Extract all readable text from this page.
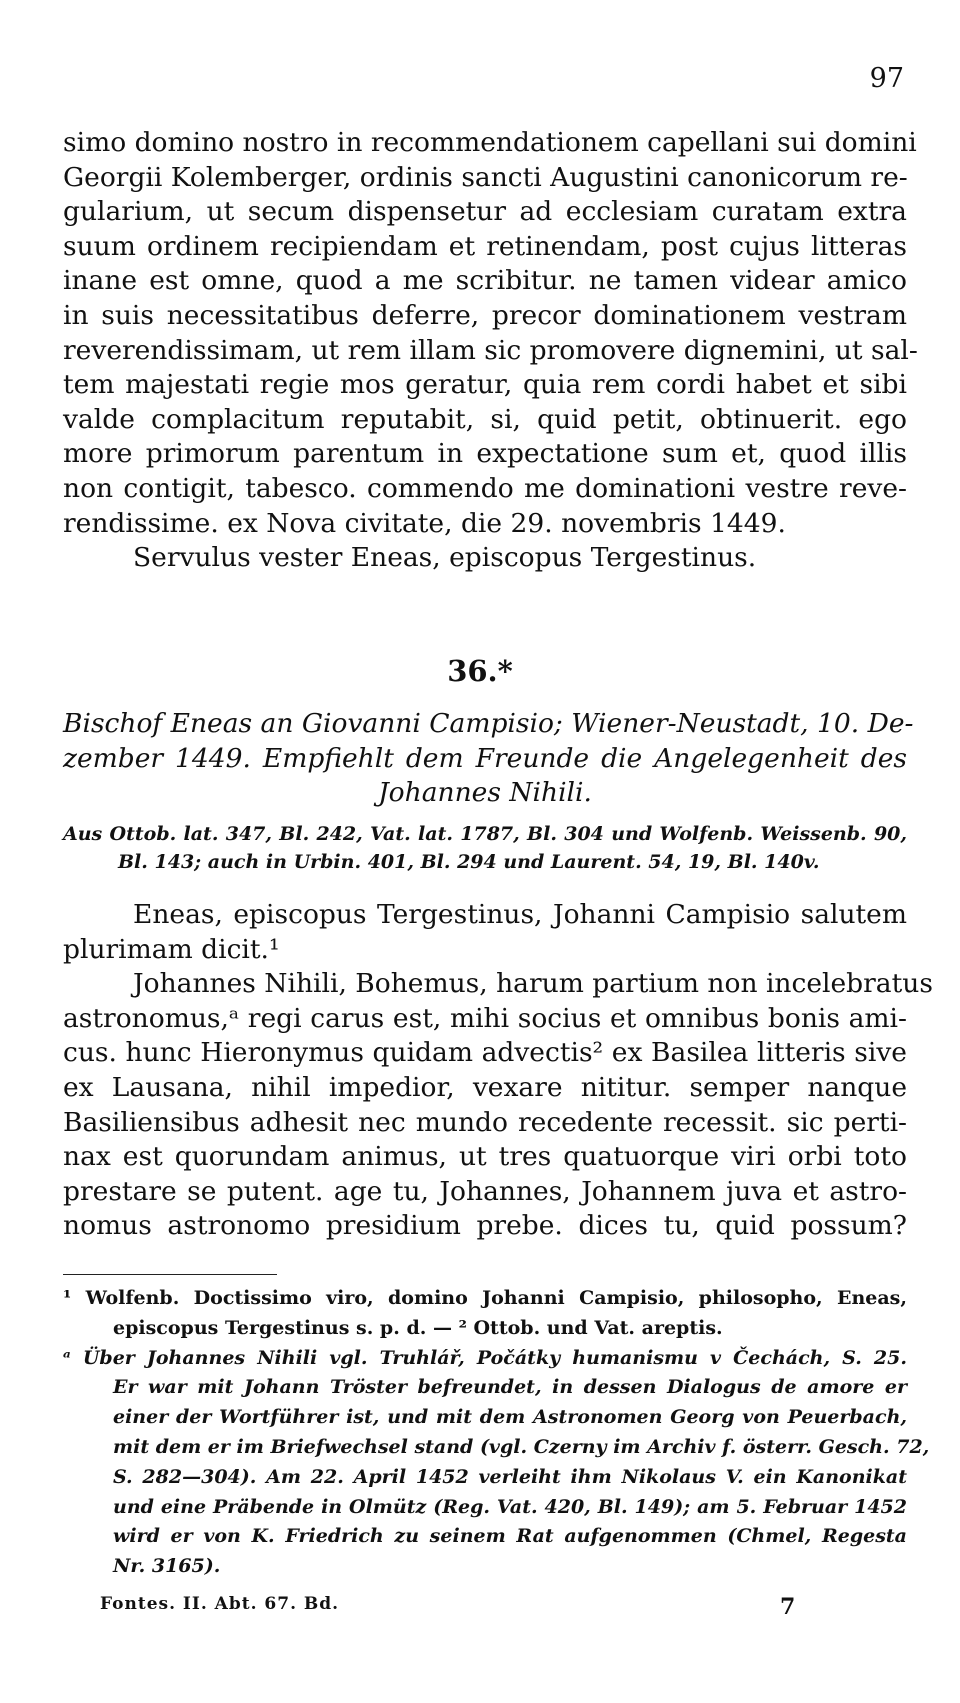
97
simo domino nostro in recommendationem capellani sui domini
Georgii Kolemberger, ordinis sancti Augustini canonicorum re-
gularium, ut secum dispensetur ad ecclesiam curatam extra
suum ordinem recipiendam et retinendam, post cujus litteras
inane est omne, quod a me scribitur. ne tamen videar amico
in suis necessitatibus deferre, precor dominationem vestram
reverendissimam, ut rem illam sic promovere dignemini, ut sal-
tem majestati regie mos geratur, quia rem cordi habet et sibi
valde complacitum reputabit, si, quid petit, obtinuerit. ego
more primorum parentum in expectatione sum et, quod illis
non contigit, tabesco. commendo me dominationi vestre reve-
rendissime. ex Nova civitate, die 29. novembris 1449.
Servulus vester Eneas, episcopus Tergestinus.
36.*
Bischof Eneas an Giovanni Campisio; Wiener-Neustadt, 10. De-
zember 1449. Empfiehlt dem Freunde die Angelegenheit des
Johannes Nihili.
Aus Ottob. lat. 347, Bl. 242, Vat. lat. 1787, Bl. 304 und Wolfenb. Weissenb. 90,
Bl. 143; auch in Urbin. 401, Bl. 294 und Laurent. 54, 19, Bl. 140v.
Eneas, episcopus Tergestinus, Johanni Campisio salutem
plurimam dicit.¹
Johannes Nihili, Bohemus, harum partium non incelebratus
astronomus,ᵃ regi carus est, mihi socius et omnibus bonis ami-
cus. hunc Hieronymus quidam advectis² ex Basilea litteris sive
ex Lausana, nihil impedior, vexare nititur. semper nanque
Basiliensibus adhesit nec mundo recedente recessit. sic perti-
nax est quorundam animus, ut tres quatuorque viri orbi toto
prestare se putent. age tu, Johannes, Johannem juva et astro-
nomus astronomo presidium prebe. dices tu, quid possum?
¹ Wolfenb. Doctissimo viro, domino Johanni Campisio, philosopho, Eneas,
episcopus Tergestinus s. p. d. — ² Ottob. und Vat. areptis.
ᵃ Über Johannes Nihili vgl. Truhlář, Počátky humanismu v Čechách, S. 25.
Er war mit Johann Tröster befreundet, in dessen Dialogus de amore er
einer der Wortführer ist, und mit dem Astronomen Georg von Peuerbach,
mit dem er im Briefwechsel stand (vgl. Czerny im Archiv f. österr. Gesch. 72,
S. 282—304). Am 22. April 1452 verleiht ihm Nikolaus V. ein Kanonikat
und eine Präbende in Olmütz (Reg. Vat. 420, Bl. 149); am 5. Februar 1452
wird er von K. Friedrich zu seinem Rat aufgenommen (Chmel, Regesta
Nr. 3165).
Fontes. II. Abt. 67. Bd.	7
